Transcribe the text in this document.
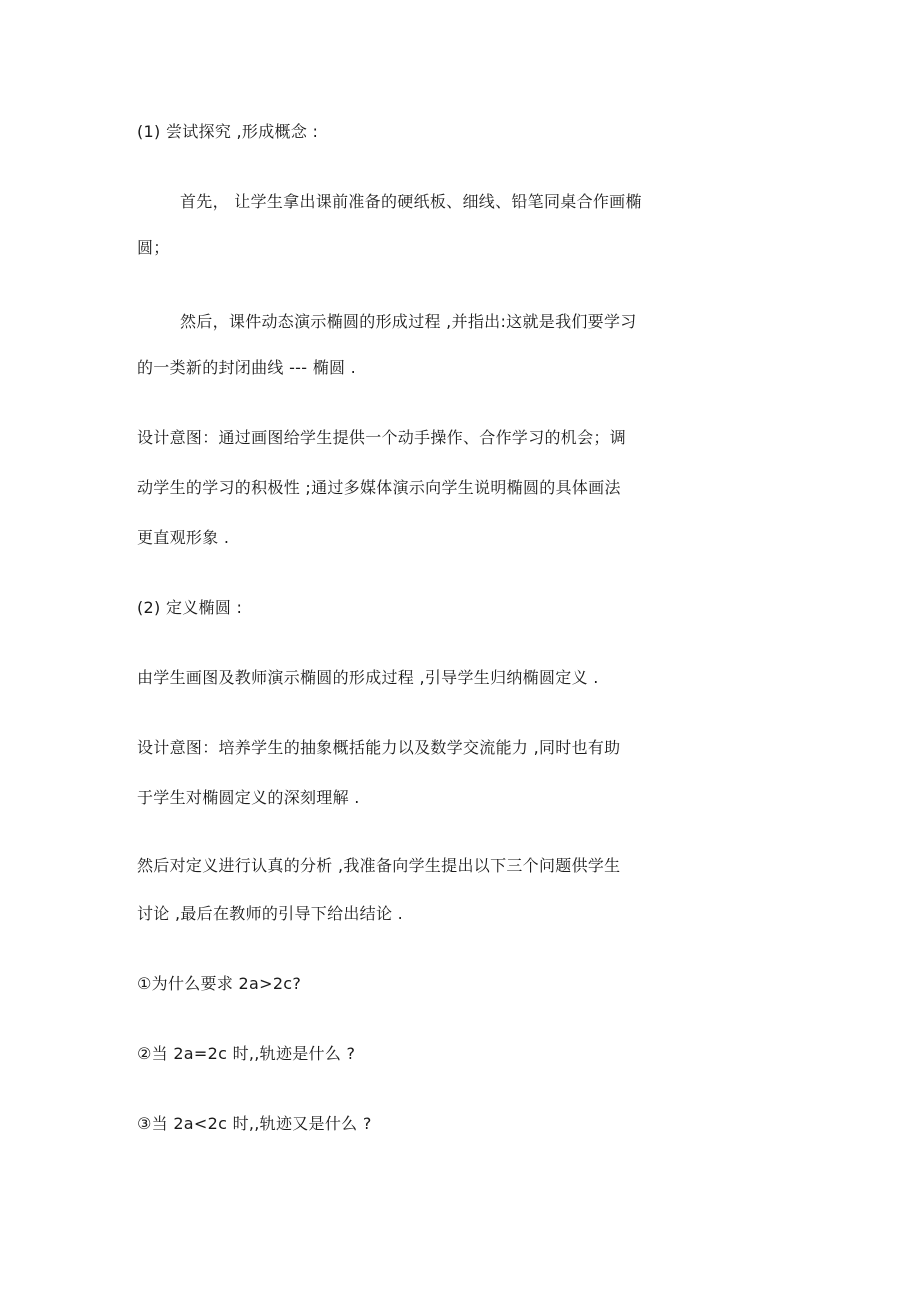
(1) 尝试探究 ,形成概念 :
首先， 让学生拿出课前准备的硬纸板、细线、铅笔同桌合作画椭
圆；
然后，课件动态演示椭圆的形成过程 ,并指出:这就是我们要学习
的一类新的封闭曲线 --- 椭圆 .
设计意图：通过画图给学生提供一个动手操作、合作学习的机会；调
动学生的学习的积极性 ;通过多媒体演示向学生说明椭圆的具体画法
更直观形象 .
(2) 定义椭圆 :
由学生画图及教师演示椭圆的形成过程 ,引导学生归纳椭圆定义 .
设计意图：培养学生的抽象概括能力以及数学交流能力 ,同时也有助
于学生对椭圆定义的深刻理解 .
然后对定义进行认真的分析 ,我准备向学生提出以下三个问题供学生
讨论 ,最后在教师的引导下给出结论 .
①为什么要求 2a>2c?
②当 2a=2c 时,,轨迹是什么 ?
③当 2a<2c 时,,轨迹又是什么 ?
